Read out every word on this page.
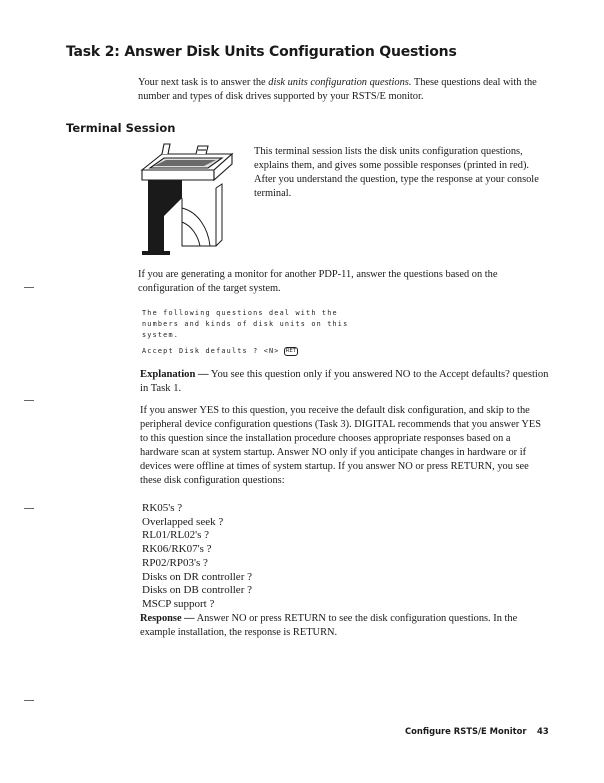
Task 2: Answer Disk Units Configuration Questions
Your next task is to answer the disk units configuration questions. These questions deal with the number and types of disk drives supported by your RSTS/E monitor.
Terminal Session
This terminal session lists the disk units configuration questions, explains them, and gives some possible responses (printed in red). After you understand the question, type the response at your console terminal.
If you are generating a monitor for another PDP-11, answer the questions based on the configuration of the target system.
The following questions deal with the
numbers and kinds of disk units on this
system.
Accept Disk defaults ? <N>	RET
Explanation — You see this question only if you answered NO to the Accept defaults? question in Task 1.
If you answer YES to this question, you receive the default disk configuration, and skip to the peripheral device configuration questions (Task 3). DIGITAL recommends that you answer YES to this question since the installation procedure chooses appropriate responses based on a hardware scan at system startup. Answer NO only if you anticipate changes in hardware or if devices were offline at times of system startup. If you answer NO or press RETURN, you see these disk configuration questions:
RK05's ?
Overlapped seek ?
RL01/RL02's ?
RK06/RK07's ?
RP02/RP03's ?
Disks on DR controller ?
Disks on DB controller ?
MSCP support ?
Response — Answer NO or press RETURN to see the disk configuration questions. In the example installation, the response is RETURN.
Configure RSTS/E Monitor 43
